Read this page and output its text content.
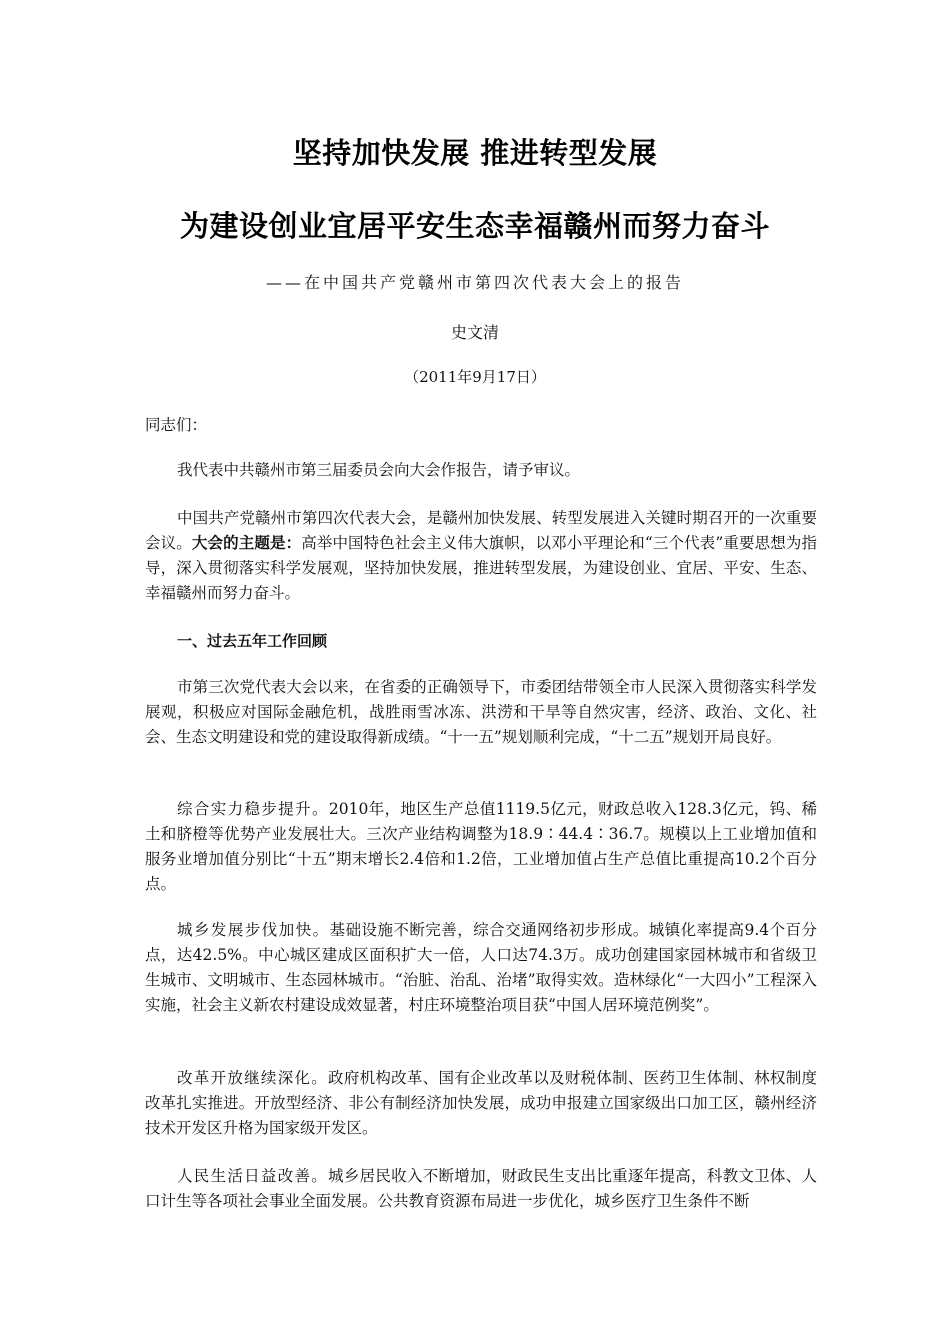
坚持加快发展 推进转型发展
为建设创业宜居平安生态幸福赣州而努力奋斗
——在中国共产党赣州市第四次代表大会上的报告
史文清
（2011年9月17日）
同志们：
我代表中共赣州市第三届委员会向大会作报告，请予审议。
中国共产党赣州市第四次代表大会，是赣州加快发展、转型发展进入关键时期召开的一次重要会议。大会的主题是：高举中国特色社会主义伟大旗帜，以邓小平理论和“三个代表”重要思想为指导，深入贯彻落实科学发展观，坚持加快发展，推进转型发展，为建设创业、宜居、平安、生态、幸福赣州而努力奋斗。
一、过去五年工作回顾
市第三次党代表大会以来，在省委的正确领导下，市委团结带领全市人民深入贯彻落实科学发展观，积极应对国际金融危机，战胜雨雪冰冻、洪涝和干旱等自然灾害，经济、政治、文化、社会、生态文明建设和党的建设取得新成绩。“十一五”规划顺利完成，“十二五”规划开局良好。
综合实力稳步提升。2010年，地区生产总值1119.5亿元，财政总收入128.3亿元，钨、稀土和脐橙等优势产业发展壮大。三次产业结构调整为18.9∶44.4∶36.7。规模以上工业增加值和服务业增加值分别比“十五”期末增长2.4倍和1.2倍，工业增加值占生产总值比重提高10.2个百分点。
城乡发展步伐加快。基础设施不断完善，综合交通网络初步形成。城镇化率提高9.4个百分点，达42.5%。中心城区建成区面积扩大一倍，人口达74.3万。成功创建国家园林城市和省级卫生城市、文明城市、生态园林城市。“治脏、治乱、治堵”取得实效。造林绿化“一大四小”工程深入实施，社会主义新农村建设成效显著，村庄环境整治项目获“中国人居环境范例奖”。
改革开放继续深化。政府机构改革、国有企业改革以及财税体制、医药卫生体制、林权制度改革扎实推进。开放型经济、非公有制经济加快发展，成功申报建立国家级出口加工区，赣州经济技术开发区升格为国家级开发区。
人民生活日益改善。城乡居民收入不断增加，财政民生支出比重逐年提高，科教文卫体、人口计生等各项社会事业全面发展。公共教育资源布局进一步优化，城乡医疗卫生条件不断
